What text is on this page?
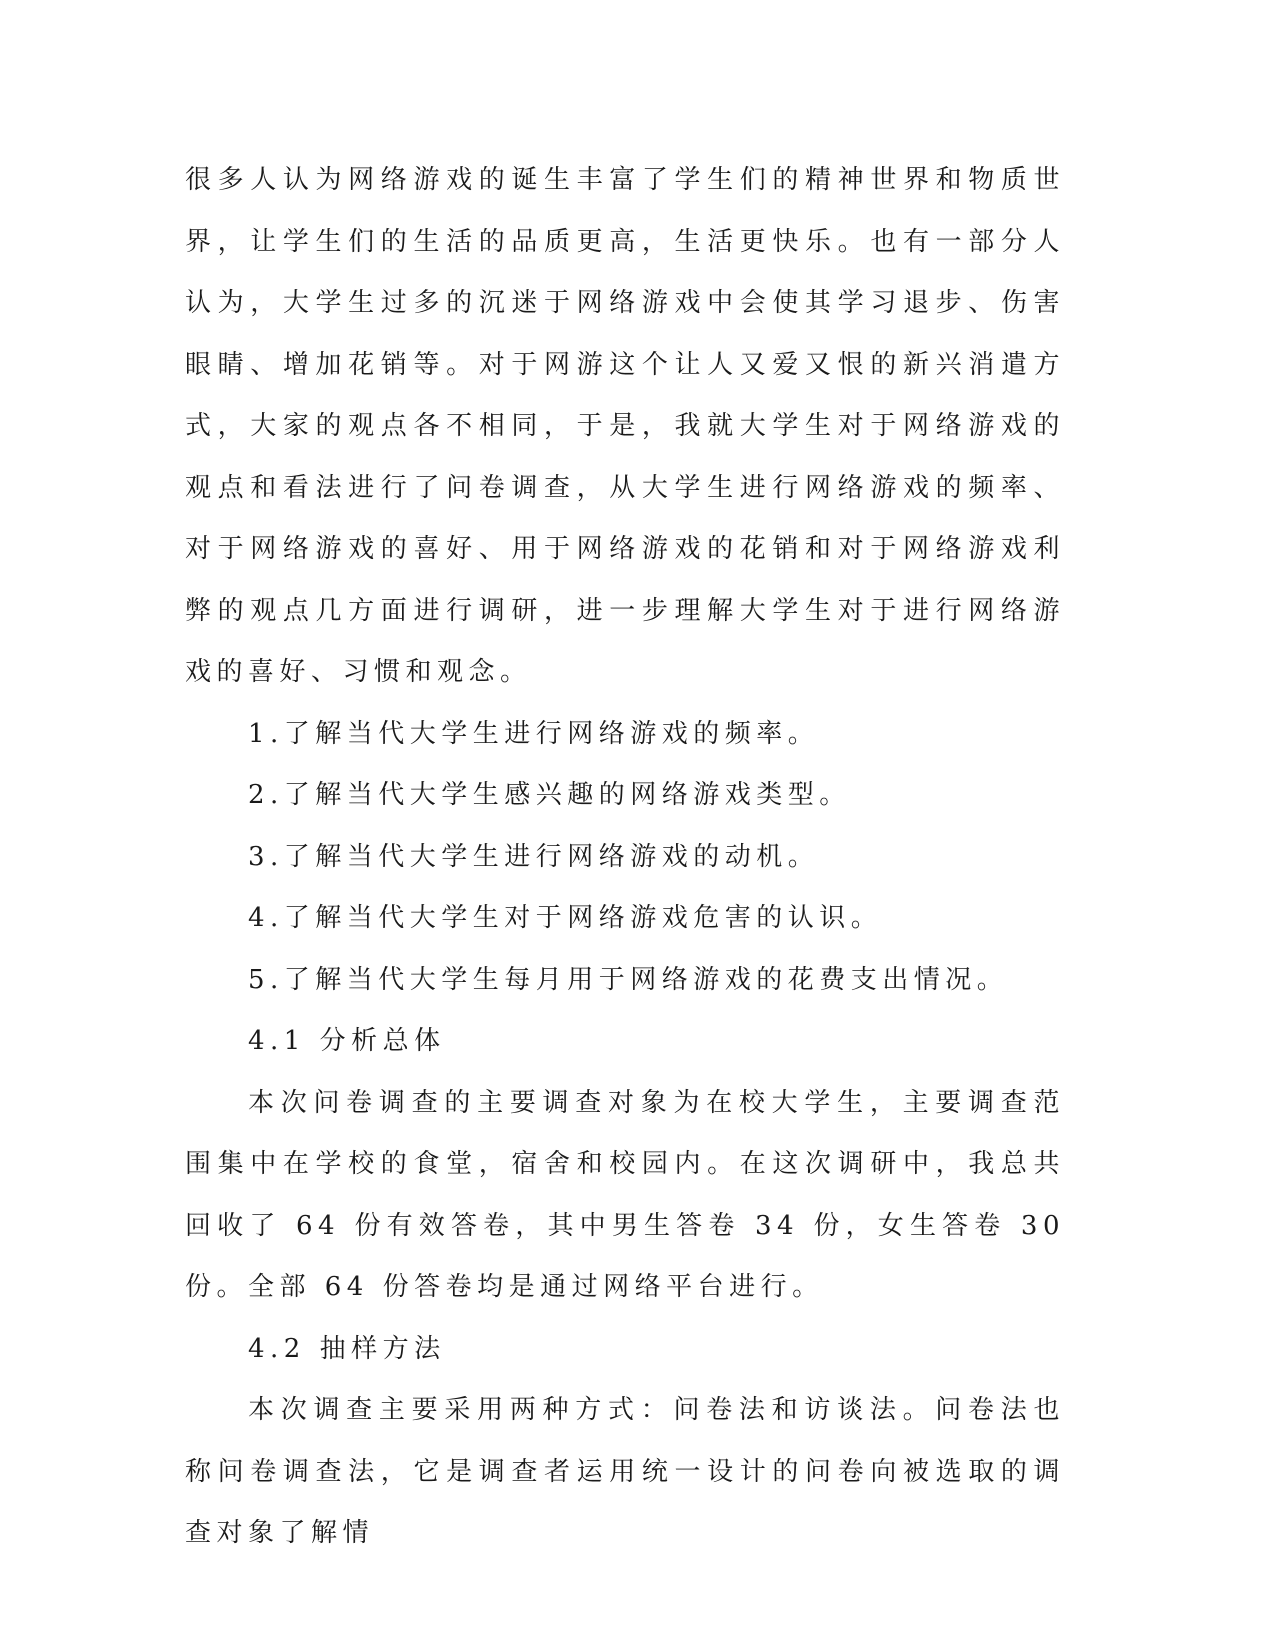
很多人认为网络游戏的诞生丰富了学生们的精神世界和物质世界，让学生们的生活的品质更高，生活更快乐。也有一部分人认为，大学生过多的沉迷于网络游戏中会使其学习退步、伤害眼睛、增加花销等。对于网游这个让人又爱又恨的新兴消遣方式，大家的观点各不相同，于是，我就大学生对于网络游戏的观点和看法进行了问卷调查，从大学生进行网络游戏的频率、对于网络游戏的喜好、用于网络游戏的花销和对于网络游戏利弊的观点几方面进行调研，进一步理解大学生对于进行网络游戏的喜好、习惯和观念。

1.了解当代大学生进行网络游戏的频率。

2.了解当代大学生感兴趣的网络游戏类型。

3.了解当代大学生进行网络游戏的动机。

4.了解当代大学生对于网络游戏危害的认识。

5.了解当代大学生每月用于网络游戏的花费支出情况。

4.1 分析总体

本次问卷调查的主要调查对象为在校大学生，主要调查范围集中在学校的食堂，宿舍和校园内。在这次调研中，我总共回收了 64 份有效答卷，其中男生答卷 34 份，女生答卷 30 份。全部 64 份答卷均是通过网络平台进行。

4.2 抽样方法

本次调查主要采用两种方式：问卷法和访谈法。问卷法也称问卷调查法，它是调查者运用统一设计的问卷向被选取的调查对象了解情
